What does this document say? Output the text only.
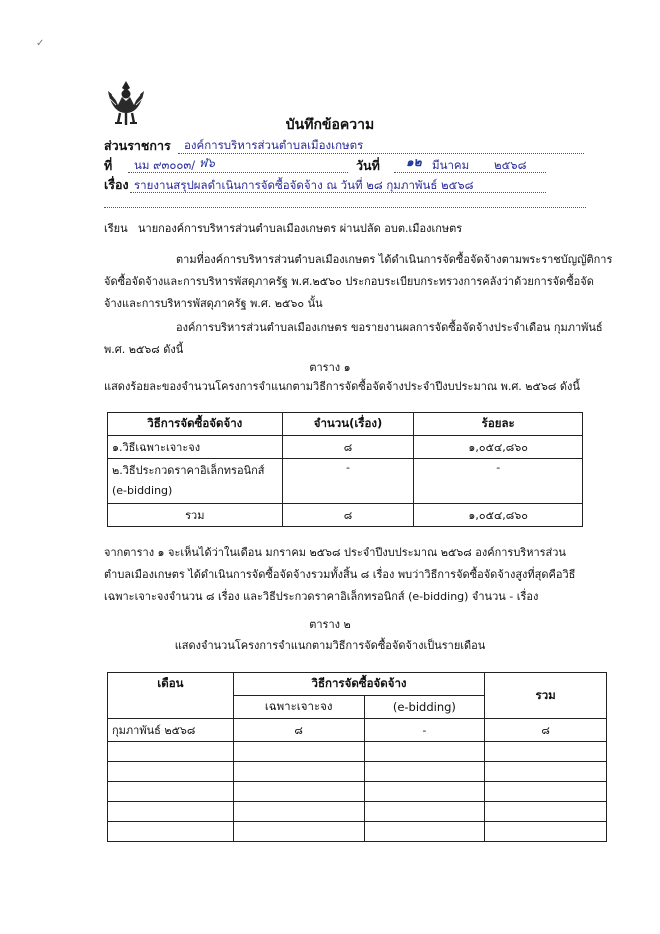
✓
บันทึกข้อความ
ส่วนราชการ องค์การบริหารส่วนตำบลเมืองเกษตร
ที่ นม ๙๓๐๐๓/ ฬ๖	วันที่ ๑๒ มีนาคม ๒๕๖๘
เรื่อง รายงานสรุปผลดำเนินการจัดซื้อจัดจ้าง ณ วันที่ ๒๘ กุมภาพันธ์ ๒๕๖๘
เรียน นายกองค์การบริหารส่วนตำบลเมืองเกษตร ผ่านปลัด อบต.เมืองเกษตร
ตามที่องค์การบริหารส่วนตำบลเมืองเกษตร ได้ดำเนินการจัดซื้อจัดจ้างตามพระราชบัญญัติการ
จัดซื้อจัดจ้างและการบริหารพัสดุภาครัฐ พ.ศ.๒๕๖๐ ประกอบระเบียบกระทรวงการคลังว่าด้วยการจัดซื้อจัด
จ้างและการบริหารพัสดุภาครัฐ พ.ศ. ๒๕๖๐ นั้น
องค์การบริหารส่วนตำบลเมืองเกษตร ขอรายงานผลการจัดซื้อจัดจ้างประจำเดือน กุมภาพันธ์
พ.ศ. ๒๕๖๘ ดังนี้
ตาราง ๑
แสดงร้อยละของจำนวนโครงการจำแนกตามวิธีการจัดซื้อจัดจ้างประจำปีงบประมาณ พ.ศ. ๒๕๖๘ ดังนี้
วิธีการจัดซื้อจัดจ้าง	จำนวน(เรื่อง)	ร้อยละ
๑.วิธีเฉพาะเจาะจง	๘	๑,๐๕๔,๘๖๐

๒.วิธีประกวดราคาอิเล็กทรอนิกส์
(e-bidding)	-	-
รวม	๘	๑,๐๕๔,๘๖๐
จากตาราง ๑ จะเห็นได้ว่าในเดือน มกราคม ๒๕๖๘ ประจำปีงบประมาณ ๒๕๖๘ องค์การบริหารส่วน
ตำบลเมืองเกษตร ได้ดำเนินการจัดซื้อจัดจ้างรวมทั้งสิ้น ๘ เรื่อง พบว่าวิธีการจัดซื้อจัดจ้างสูงที่สุดคือวิธี
เฉพาะเจาะจงจำนวน ๘ เรื่อง และวิธีประกวดราคาอิเล็กทรอนิกส์ (e-bidding) จำนวน - เรื่อง
ตาราง ๒
แสดงจำนวนโครงการจำแนกตามวิธีการจัดซื้อจัดจ้างเป็นรายเดือน
เดือน	วิธีการจัดซื้อจัดจ้าง		รวม
	เฉพาะเจาะจง	(e-bidding)	
กุมภาพันธ์ ๒๕๖๘	๘	-	๘
